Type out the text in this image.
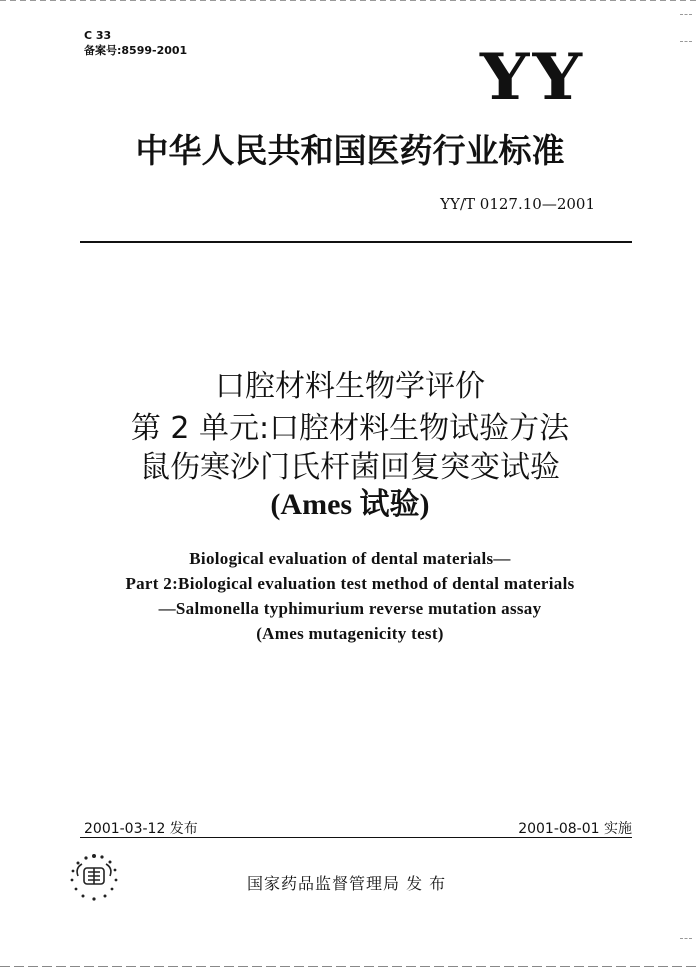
C 33
备案号:8599-2001	YY
中华人民共和国医药行业标准
YY/T 0127.10—2001
口腔材料生物学评价
第 2 单元:口腔材料生物试验方法
鼠伤寒沙门氏杆菌回复突变试验
(Ames 试验)
Biological evaluation of dental materials—
Part 2:Biological evaluation test method of dental materials
—Salmonella typhimurium reverse mutation assay
(Ames mutagenicity test)
2001-03-12 发布	2001-08-01 实施
国家药品监督管理局 发 布
